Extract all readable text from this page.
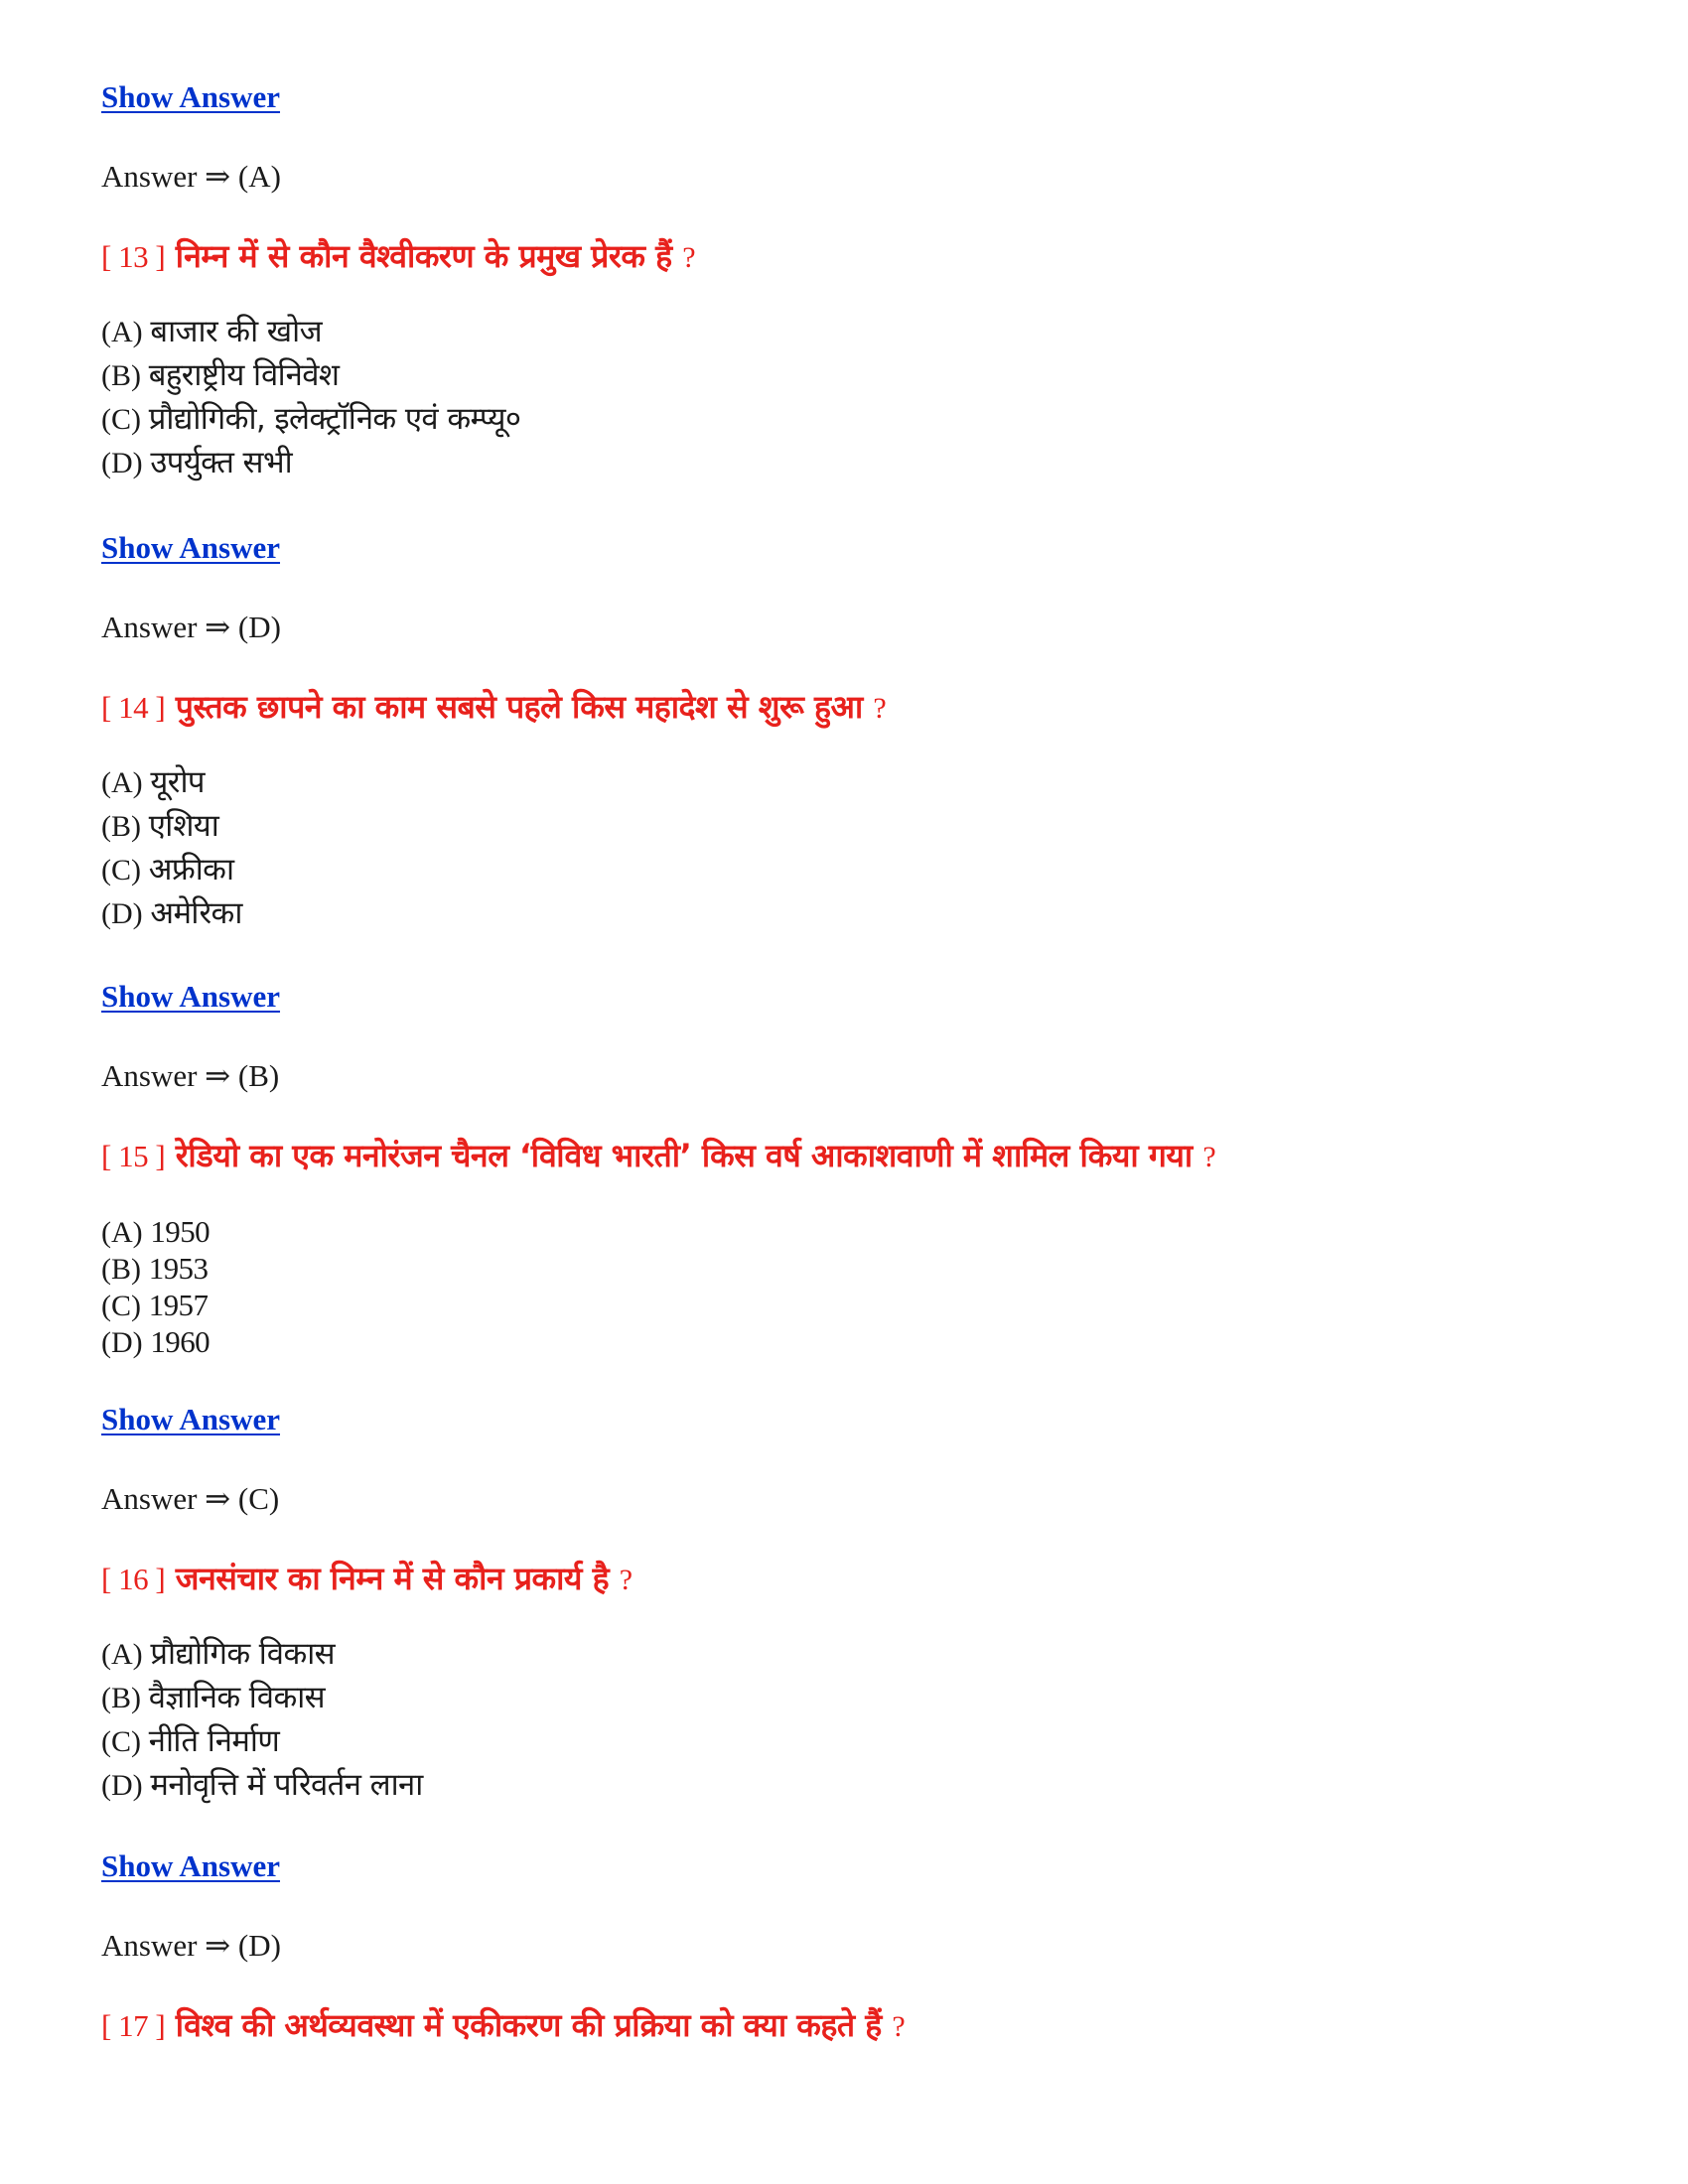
Show Answer
Answer ⇒ (A)
[ 13 ] निम्न में से कौन वैश्वीकरण के प्रमुख प्रेरक हैं ?
(A) बाजार की खोज
(B) बहुराष्ट्रीय विनिवेश
(C) प्रौद्योगिकी, इलेक्ट्रॉनिक एवं कम्प्यू०
(D) उपर्युक्त सभी
Show Answer
Answer ⇒ (D)
[ 14 ] पुस्तक छापने का काम सबसे पहले किस महादेश से शुरू हुआ ?
(A) यूरोप
(B) एशिया
(C) अफ्रीका
(D) अमेरिका
Show Answer
Answer ⇒ (B)
[ 15 ] रेडियो का एक मनोरंजन चैनल ‘विविध भारती’ किस वर्ष आकाशवाणी में शामिल किया गया ?
(A) 1950
(B) 1953
(C) 1957
(D) 1960
Show Answer
Answer ⇒ (C)
[ 16 ] जनसंचार का निम्न में से कौन प्रकार्य है ?
(A) प्रौद्योगिक विकास
(B) वैज्ञानिक विकास
(C) नीति निर्माण
(D) मनोवृत्ति में परिवर्तन लाना
Show Answer
Answer ⇒ (D)
[ 17 ] विश्व की अर्थव्यवस्था में एकीकरण की प्रक्रिया को क्या कहते हैं ?
